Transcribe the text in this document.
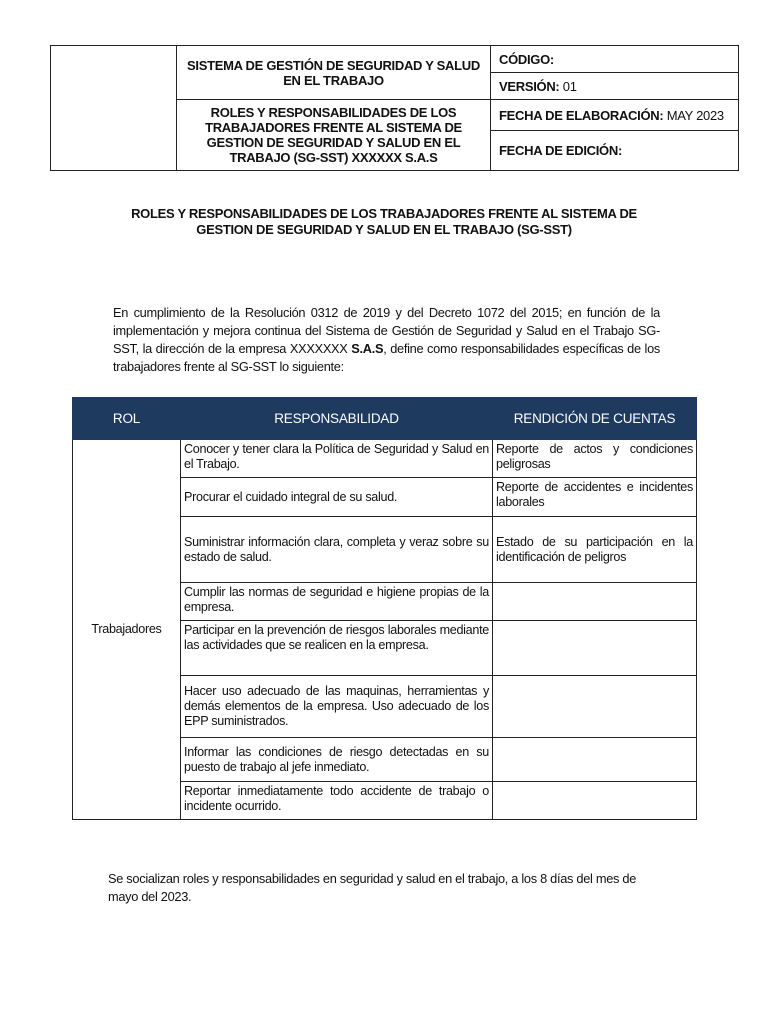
	SISTEMA DE GESTIÓN DE SEGURIDAD Y SALUD EN EL TRABAJO	CÓDIGO:
		VERSIÓN: 01
	ROLES Y RESPONSABILIDADES DE LOS TRABAJADORES FRENTE AL SISTEMA DE GESTION DE SEGURIDAD Y SALUD EN EL TRABAJO (SG-SST) XXXXXX S.A.S	FECHA DE ELABORACIÓN: MAY 2023
		FECHA DE EDICIÓN:
ROLES Y RESPONSABILIDADES DE LOS TRABAJADORES FRENTE AL SISTEMA DE GESTION DE SEGURIDAD Y SALUD EN EL TRABAJO (SG-SST)

En cumplimiento de la Resolución 0312 de 2019 y del Decreto 1072 del 2015; en función de la implementación y mejora continua del Sistema de Gestión de Seguridad y Salud en el Trabajo SG-SST, la dirección de la empresa XXXXXXX S.A.S, define como responsabilidades específicas de los trabajadores frente al SG-SST lo siguiente:

ROL	RESPONSABILIDAD	RENDICIÓN DE CUENTAS
Trabajadores	Conocer y tener clara la Política de Seguridad y Salud en el Trabajo.	Reporte de actos y condiciones peligrosas
	Procurar el cuidado integral de su salud.	Reporte de accidentes e incidentes laborales
	Suministrar información clara, completa y veraz sobre su estado de salud.	Estado de su participación en la identificación de peligros
	Cumplir las normas de seguridad e higiene propias de la empresa.	
	Participar en la prevención de riesgos laborales mediante las actividades que se realicen en la empresa.	
	Hacer uso adecuado de las maquinas, herramientas y demás elementos de la empresa. Uso adecuado de los EPP suministrados.	
	Informar las condiciones de riesgo detectadas en su puesto de trabajo al jefe inmediato.	
	Reportar inmediatamente todo accidente de trabajo o incidente ocurrido.	

Se socializan roles y responsabilidades en seguridad y salud en el trabajo, a los 8 días del mes de mayo del 2023.
